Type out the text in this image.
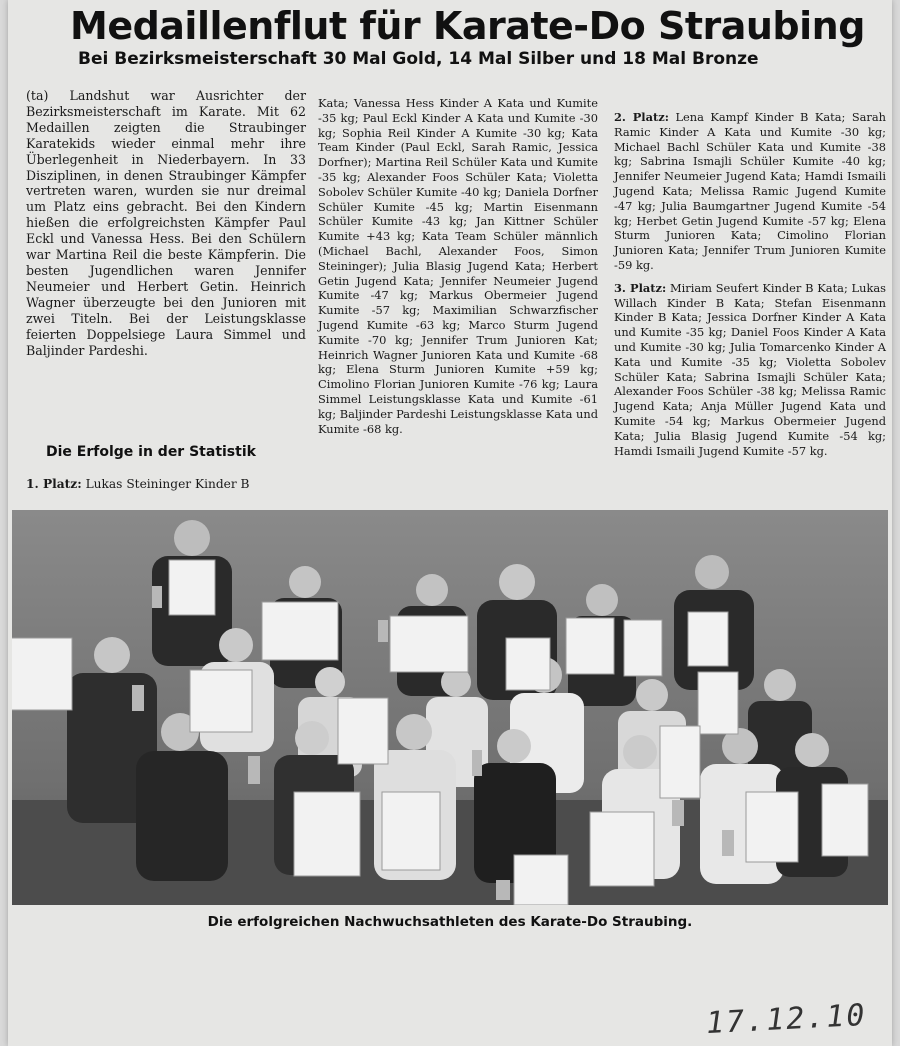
Medaillenflut für Karate-Do Straubing
Bei Bezirksmeisterschaft 30 Mal Gold, 14 Mal Silber und 18 Mal Bronze

(ta) Landshut war Ausrichter der Bezirksmeisterschaft im Karate. Mit 62 Medaillen zeigten die Straubinger Karatekids wieder einmal mehr ihre Überlegenheit in Niederbayern. In 33 Disziplinen, in denen Straubinger Kämpfer vertreten waren, wurden sie nur dreimal um Platz eins gebracht. Bei den Kindern hießen die erfolgreichsten Kämpfer Paul Eckl und Vanessa Hess. Bei den Schülern war Martina Reil die beste Kämpferin. Die besten Jugendlichen waren Jennifer Neumeier und Herbert Getin. Heinrich Wagner überzeugte bei den Junioren mit zwei Titeln. Bei der Leistungsklasse feierten Doppelsiege Laura Simmel und Baljinder Pardeshi.

Die Erfolge in der Statistik
1. Platz: Lukas Steininger Kinder B

Kata; Vanessa Hess Kinder A Kata und Kumite -35 kg; Paul Eckl Kinder A Kata und Kumite -30 kg; Sophia Reil Kinder A Kumite -30 kg; Kata Team Kinder (Paul Eckl, Sarah Ramic, Jessica Dorfner); Martina Reil Schüler Kata und Kumite -35 kg; Alexander Foos Schüler Kata; Violetta Sobolev Schüler Kumite -40 kg; Daniela Dorfner Schüler Kumite -45 kg; Martin Eisenmann Schüler Kumite -43 kg; Jan Kittner Schüler Kumite +43 kg; Kata Team Schüler männlich (Michael Bachl, Alexander Foos, Simon Steininger); Julia Blasig Jugend Kata; Herbert Getin Jugend Kata; Jennifer Neumeier Jugend Kumite -47 kg; Markus Obermeier Jugend Kumite -57 kg; Maximilian Schwarzfischer Jugend Kumite -63 kg; Marco Sturm Jugend Kumite -70 kg; Jennifer Trum Junioren Kat; Heinrich Wagner Junioren Kata und Kumite -68 kg; Elena Sturm Junioren Kumite +59 kg; Cimolino Florian Junioren Kumite -76 kg; Laura Simmel Leistungsklasse Kata und Kumite -61 kg; Baljinder Pardeshi Leistungsklasse Kata und Kumite -68 kg.

2. Platz: Lena Kampf Kinder B Kata; Sarah Ramic Kinder A Kata und Kumite -30 kg; Michael Bachl Schüler Kata und Kumite -38 kg; Sabrina Ismajli Schüler Kumite -40 kg; Jennifer Neumeier Jugend Kata; Hamdi Ismaili Jugend Kata; Melissa Ramic Jugend Kumite -47 kg; Julia Baumgartner Jugend Kumite -54 kg; Herbet Getin Jugend Kumite -57 kg; Elena Sturm Junioren Kata; Cimolino Florian Junioren Kata; Jennifer Trum Junioren Kumite -59 kg.

3. Platz: Miriam Seufert Kinder B Kata; Lukas Willach Kinder B Kata; Stefan Eisenmann Kinder B Kata; Jessica Dorfner Kinder A Kata und Kumite -35 kg; Daniel Foos Kinder A Kata und Kumite -30 kg; Julia Tomarcenko Kinder A Kata und Kumite -35 kg; Violetta Sobolev Schüler Kata; Sabrina Ismajli Schüler Kata; Alexander Foos Schüler -38 kg; Melissa Ramic Jugend Kata; Anja Müller Jugend Kata und Kumite -54 kg; Markus Obermeier Jugend Kata; Julia Blasig Jugend Kumite -54 kg; Hamdi Ismaili Jugend Kumite -57 kg.

Die erfolgreichen Nachwuchsathleten des Karate-Do Straubing.
17.12.10
